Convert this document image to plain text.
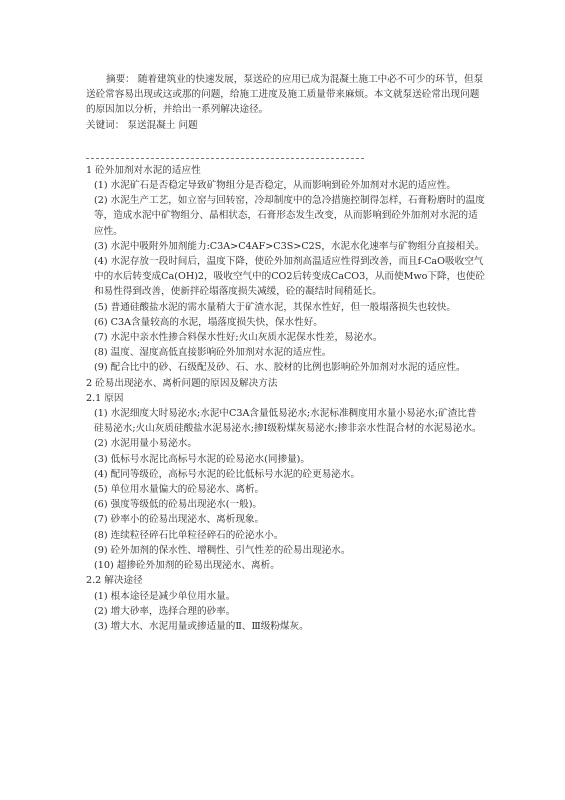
摘要： 随着建筑业的快速发展，泵送砼的应用已成为混凝土施工中必不可少的环节，但泵送砼常容易出现或这或那的问题，给施工进度及施工质量带来麻烦。本文就泵送砼常出现问题的原因加以分析，并给出一系列解决途径。

关键词： 泵送混凝土 问题

1 砼外加剂对水泥的适应性

(1) 水泥矿石是否稳定导致矿物组分是否稳定，从而影响到砼外加剂对水泥的适应性。

(2) 水泥生产工艺，如立窑与回转窑，冷却制度中的急冷措施控制得怎样，石膏粉磨时的温度等，造成水泥中矿物组分、晶相状态，石膏形态发生改变，从而影响到砼外加剂对水泥的适应性。

(3) 水泥中吸附外加剂能力:C3A>C4AF>C3S>C2S，水泥水化速率与矿物组分直接相关。

(4) 水泥存放一段时间后，温度下降，使砼外加剂高温适应性得到改善，而且f-CaO吸收空气中的水后转变成Ca(OH)2，吸收空气中的CO2后转变成CaCO3，从而使Mwo下降，也使砼和易性得到改善，使新拌砼塌落度损失减缓，砼的凝结时间稍延长。

(5) 普通硅酸盐水泥的需水量稍大于矿渣水泥，其保水性好，但一般塌落损失也较快。

(6) C3A含量较高的水泥，塌落度损失快，保水性好。

(7) 水泥中亲水性掺合料保水性好;火山灰质水泥保水性差，易泌水。

(8) 温度、湿度高低直接影响砼外加剂对水泥的适应性。

(9) 配合比中的砂、石级配及砂、石、水、胶材的比例也影响砼外加剂对水泥的适应性。

2 砼易出现泌水、离析问题的原因及解决方法

2.1 原因

(1) 水泥细度大时易泌水;水泥中C3A含量低易泌水;水泥标准稠度用水量小易泌水;矿渣比普硅易泌水;火山灰质硅酸盐水泥易泌水;掺Ⅰ级粉煤灰易泌水;掺非亲水性混合材的水泥易泌水。

(2) 水泥用量小易泌水。

(3) 低标号水泥比高标号水泥的砼易泌水(同掺量)。

(4) 配同等级砼，高标号水泥的砼比低标号水泥的砼更易泌水。

(5) 单位用水量偏大的砼易泌水、离析。

(6) 强度等级低的砼易出现泌水(一般)。

(7) 砂率小的砼易出现泌水、离析现象。

(8) 连续粒径碎石比单粒径碎石的砼泌水小。

(9) 砼外加剂的保水性、增稠性、引气性差的砼易出现泌水。

(10) 超掺砼外加剂的砼易出现泌水、离析。

2.2 解决途径

(1) 根本途径是减少单位用水量。

(2) 增大砂率，选择合理的砂率。

(3) 增大水、水泥用量或掺适量的Ⅱ、Ⅲ级粉煤灰。
